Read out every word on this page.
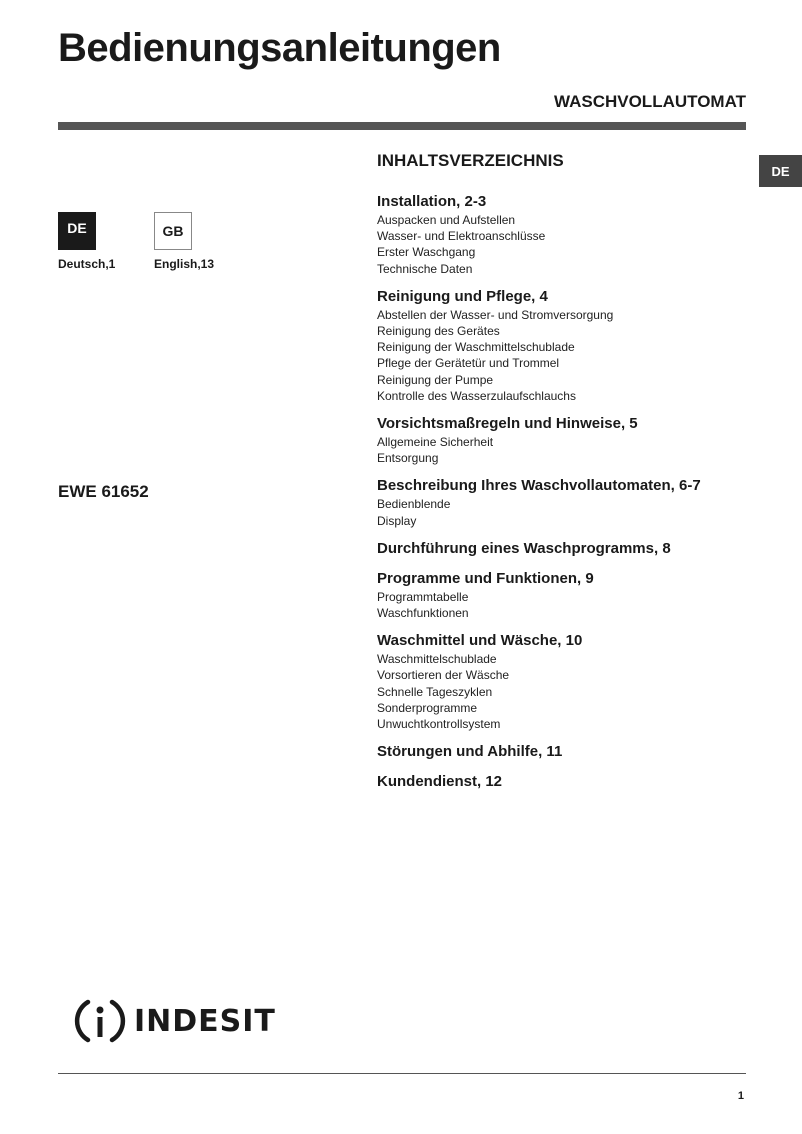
Bedienungsanleitungen
WASCHVOLLAUTOMAT
DE
DE
Deutsch,1
GB
English,13
EWE 61652
INHALTSVERZEICHNIS
Installation, 2-3
Auspacken und Aufstellen
Wasser- und Elektroanschlüsse
Erster Waschgang
Technische Daten
Reinigung und Pflege, 4
Abstellen der Wasser- und Stromversorgung
Reinigung des Gerätes
Reinigung der Waschmittelschublade
Pflege der Gerätetür und Trommel
Reinigung der Pumpe
Kontrolle des Wasserzulaufschlauchs
Vorsichtsmaßregeln und Hinweise, 5
Allgemeine Sicherheit
Entsorgung
Beschreibung Ihres Waschvollautomaten, 6-7
Bedienblende
Display
Durchführung eines Waschprogramms, 8
Programme und Funktionen, 9
Programmtabelle
Waschfunktionen
Waschmittel und Wäsche, 10
Waschmittelschublade
Vorsortieren der Wäsche
Schnelle Tageszyklen
Sonderprogramme
Unwuchtkontrollsystem
Störungen und Abhilfe, 11
Kundendienst, 12
INDESIT
1
